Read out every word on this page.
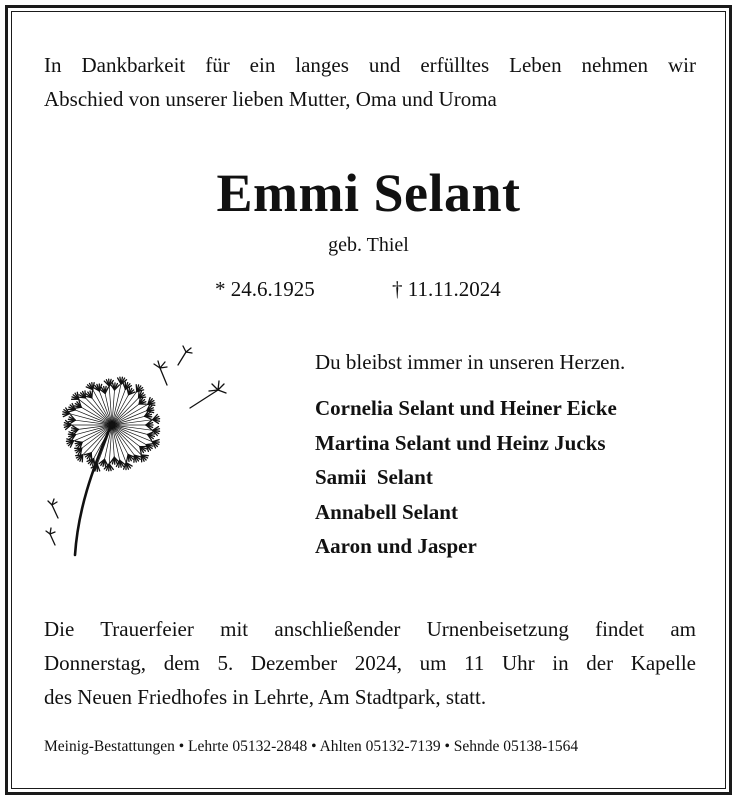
In Dankbarkeit für ein langes und erfülltes Leben nehmen wir
Abschied von unserer lieben Mutter, Oma und Uroma
Emmi Selant
geb. Thiel
* 24.6.1925	† 11.11.2024
Du bleibst immer in unseren Herzen.
Cornelia Selant und Heiner Eicke
Martina Selant und Heinz Jucks
Samii  Selant
Annabell Selant
Aaron und Jasper
Die Trauerfeier mit anschließender Urnenbeisetzung findet am
Donnerstag, dem 5. Dezember 2024, um 11 Uhr in der Kapelle
des Neuen Friedhofes in Lehrte, Am Stadtpark, statt.
Meinig-Bestattungen • Lehrte 05132-2848 • Ahlten 05132-7139 • Sehnde 05138-1564
